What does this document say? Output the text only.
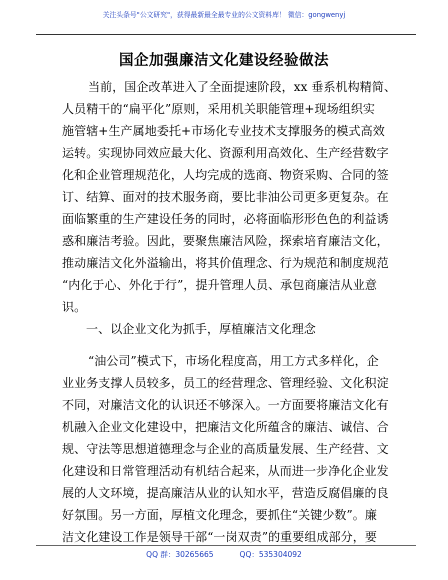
关注头条号"公文研究"，获得最新最全最专业的公文资料库！ 微信：gongwenyj
国企加强廉洁文化建设经验做法
当前，国企改革进入了全面提速阶段，xx 垂系机构精简、
人员精干的“扁平化”原则，采用机关职能管理+现场组织实
施管辖+生产属地委托+市场化专业技术支撑服务的模式高效
运转。实现协同效应最大化、资源利用高效化、生产经营数字
化和企业管理规范化，人均完成的选商、物资采购、合同的签
订、结算、面对的技术服务商，要比非油公司更多更复杂。在
面临繁重的生产建设任务的同时，必将面临形形色色的利益诱
惑和廉洁考验。因此，要聚焦廉洁风险，探索培育廉洁文化，
推动廉洁文化外溢输出，将其价值理念、行为规范和制度规范
“内化于心、外化于行”，提升管理人员、承包商廉洁从业意
识。
一、以企业文化为抓手，厚植廉洁文化理念
“油公司”模式下，市场化程度高，用工方式多样化，企
业业务支撑人员较多，员工的经营理念、管理经验、文化积淀
不同，对廉洁文化的认识还不够深入。一方面要将廉洁文化有
机融入企业文化建设中，把廉洁文化所蕴含的廉洁、诚信、合
规、守法等思想道德理念与企业的高质量发展、生产经营、文
化建设和日常管理活动有机结合起来，从而进一步净化企业发
展的人文环境，提高廉洁从业的认知水平，营造反腐倡廉的良
好氛围。另一方面，厚植文化理念，要抓住“关键少数”。廉
洁文化建设工作是领导干部“一岗双责”的重要组成部分，要
QQ 群：30265665	QQ：535304092
